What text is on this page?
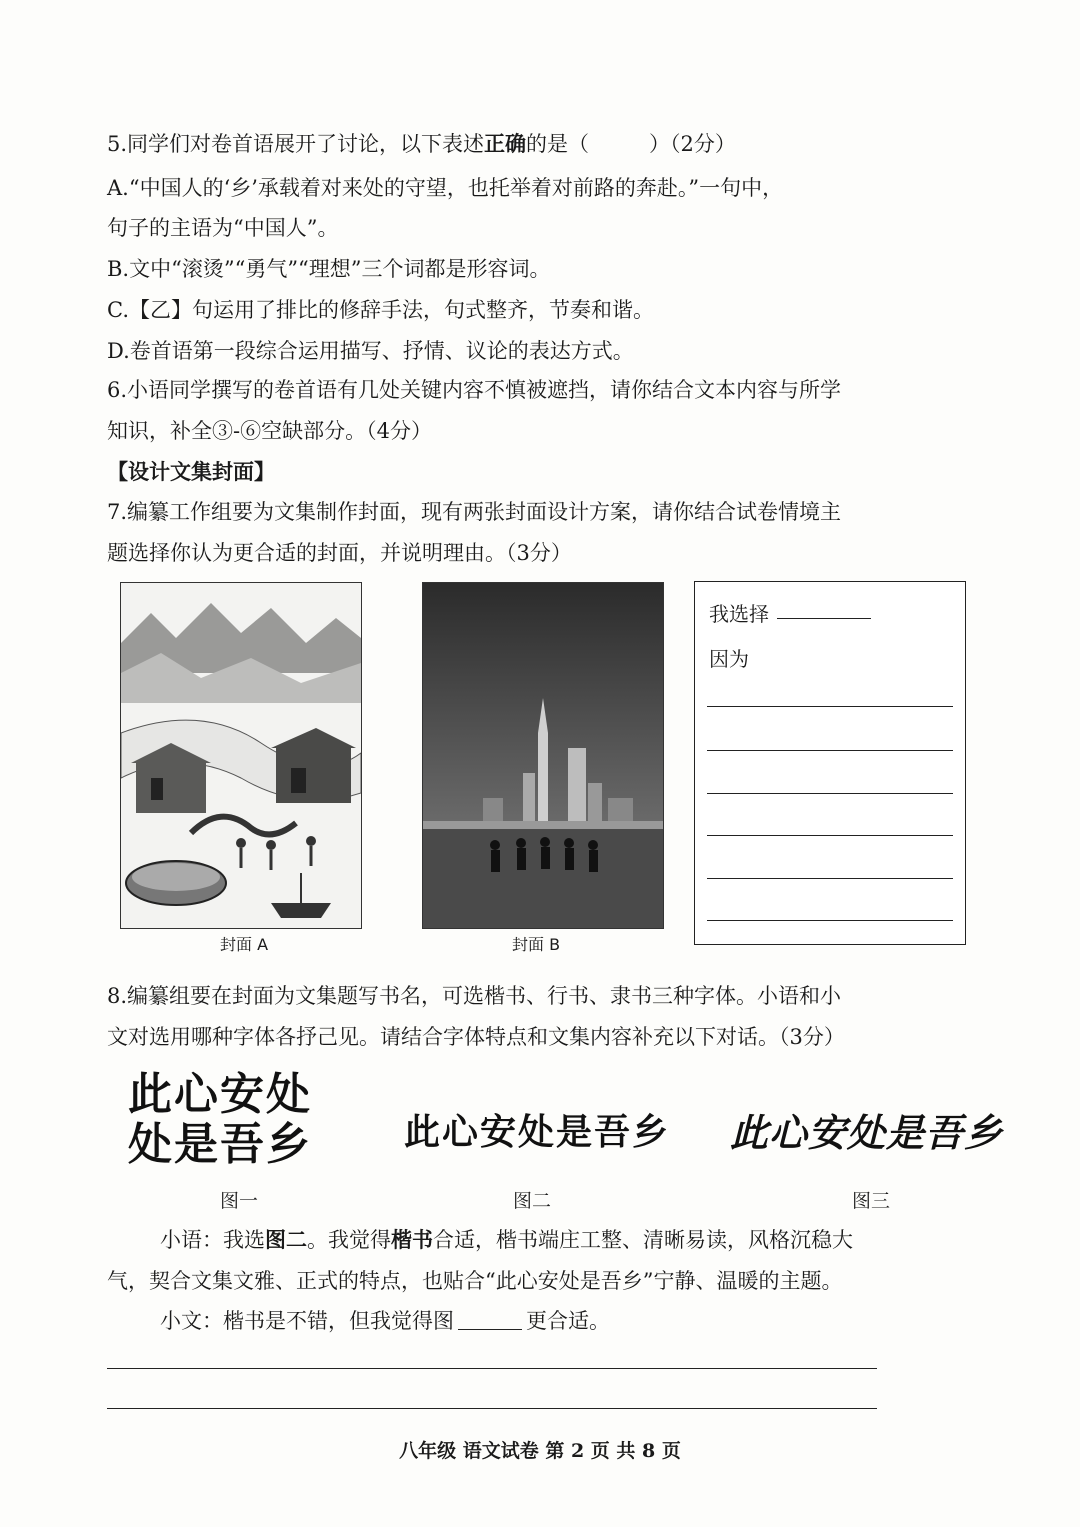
5.同学们对卷首语展开了讨论，以下表述正确的是（	）（2分）
A.“中国人的‘乡’承载着对来处的守望，也托举着对前路的奔赴。”一句中，
句子的主语为“中国人”。
B.文中“滚烫”“勇气”“理想”三个词都是形容词。
C.【乙】句运用了排比的修辞手法，句式整齐，节奏和谐。
D.卷首语第一段综合运用描写、抒情、议论的表达方式。
6.小语同学撰写的卷首语有几处关键内容不慎被遮挡，请你结合文本内容与所学
知识，补全③-⑥空缺部分。（4分）
【设计文集封面】
7.编纂工作组要为文集制作封面，现有两张封面设计方案，请你结合试卷情境主
题选择你认为更合适的封面，并说明理由。（3分）
封面 A	封面 B
我选择
因为
8.编纂组要在封面为文集题写书名，可选楷书、行书、隶书三种字体。小语和小
文对选用哪种字体各抒己见。请结合字体特点和文集内容补充以下对话。（3分）
此心安处
处是吾乡	此心安处是吾乡 此心安处是吾乡
图一	图二	图三
小语：我选图二。我觉得楷书合适，楷书端庄工整、清晰易读，风格沉稳大
气，契合文集文雅、正式的特点，也贴合“此心安处是吾乡”宁静、温暖的主题。
小文：楷书是不错，但我觉得图	更合适。
八年级 语文试卷 第 2 页 共 8 页
